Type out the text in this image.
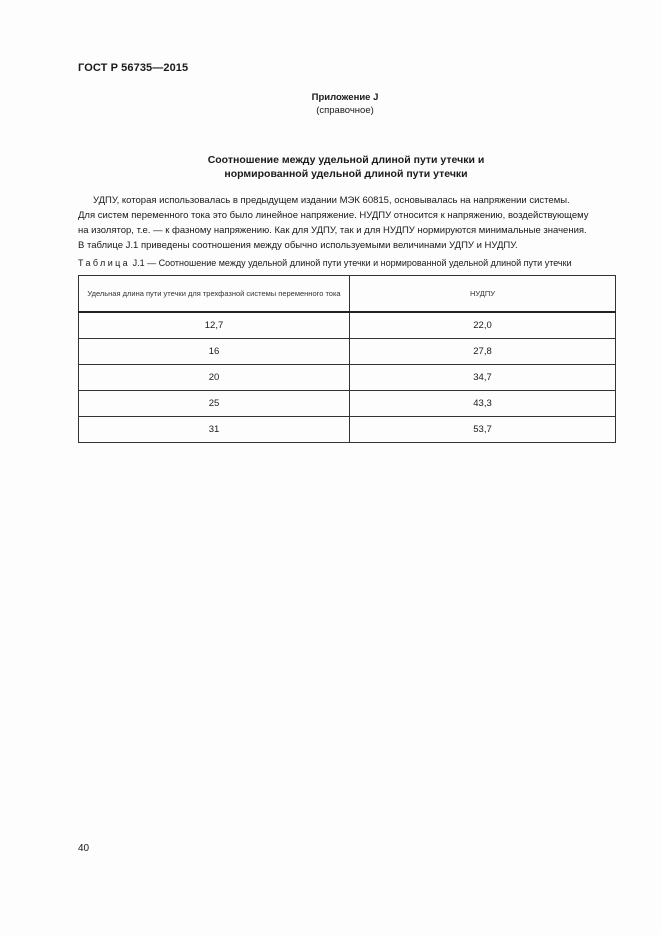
ГОСТ Р 56735—2015
Приложение J
(справочное)
Соотношение между удельной длиной пути утечки и
нормированной удельной длиной пути утечки
УДПУ, которая использовалась в предыдущем издании МЭК 60815, основывалась на напряжении системы.
Для систем переменного тока это было линейное напряжение. НУДПУ относится к напряжению, воздействующему
на изолятор, т.е. — к фазному напряжению. Как для УДПУ, так и для НУДПУ нормируются минимальные значения.
В таблице J.1 приведены соотношения между обычно используемыми величинами УДПУ и НУДПУ.
Таблица J.1 — Соотношение между удельной длиной пути утечки и нормированной удельной длиной пути утечки
Удельная длина пути утечки для трехфазной системы переменного тока	НУДПУ
12,7	22,0
16	27,8
20	34,7
25	43,3
31	53,7
40
